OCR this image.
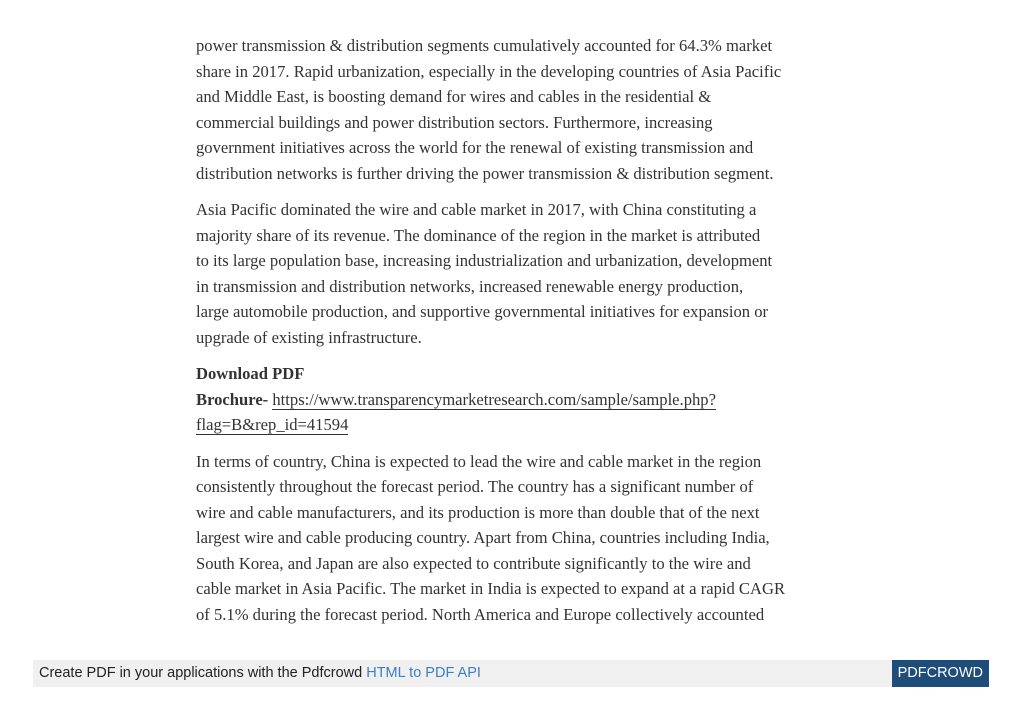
power transmission & distribution segments cumulatively accounted for 64.3% market
share in 2017. Rapid urbanization, especially in the developing countries of Asia Pacific
and Middle East, is boosting demand for wires and cables in the residential &
commercial buildings and power distribution sectors. Furthermore, increasing
government initiatives across the world for the renewal of existing transmission and
distribution networks is further driving the power transmission & distribution segment.

Asia Pacific dominated the wire and cable market in 2017, with China constituting a
majority share of its revenue. The dominance of the region in the market is attributed
to its large population base, increasing industrialization and urbanization, development
in transmission and distribution networks, increased renewable energy production,
large automobile production, and supportive governmental initiatives for expansion or
upgrade of existing infrastructure.

Download PDF
Brochure- https://www.transparencymarketresearch.com/sample/sample.php?
flag=B&rep_id=41594

In terms of country, China is expected to lead the wire and cable market in the region
consistently throughout the forecast period. The country has a significant number of
wire and cable manufacturers, and its production is more than double that of the next
largest wire and cable producing country. Apart from China, countries including India,
South Korea, and Japan are also expected to contribute significantly to the wire and
cable market in Asia Pacific. The market in India is expected to expand at a rapid CAGR
of 5.1% during the forecast period. North America and Europe collectively accounted

Create PDF in your applications with the Pdfcrowd HTML to PDF API	PDFCROWD
